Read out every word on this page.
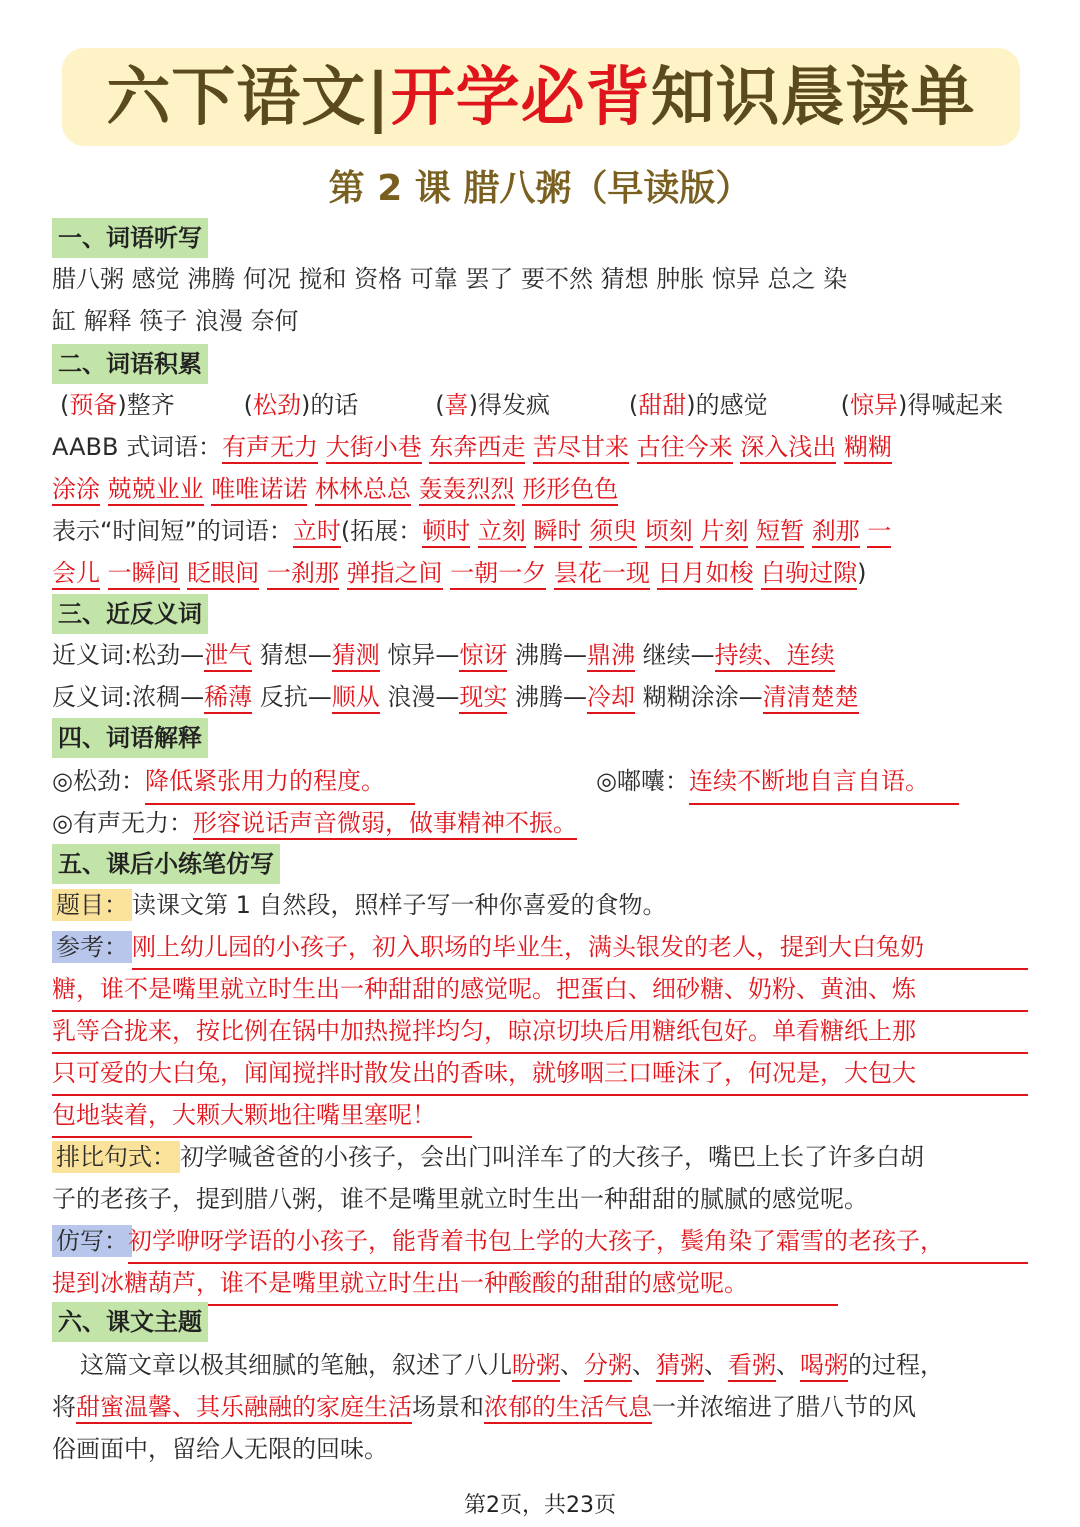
六下语文|开学必背知识晨读单
第 2 课 腊八粥（早读版）
一、词语听写
腊八粥 感觉 沸腾 何况 搅和 资格 可靠 罢了 要不然 猜想 肿胀 惊异 总之 染
缸 解释 筷子 浪漫 奈何
二、词语积累
(预备)整齐	(松劲)的话	(喜)得发疯	(甜甜)的感觉	(惊异)得喊起来
AABB 式词语：有声无力 大街小巷 东奔西走 苦尽甘来 古往今来 深入浅出 糊糊
涂涂 兢兢业业 唯唯诺诺 林林总总 轰轰烈烈 形形色色
表示“时间短”的词语：立时(拓展：顿时 立刻 瞬时 须臾 顷刻 片刻 短暂 刹那 一
会儿 一瞬间 眨眼间 一刹那 弹指之间 一朝一夕 昙花一现 日月如梭 白驹过隙)
三、近反义词
近义词:松劲—泄气 猜想—猜测 惊异—惊讶 沸腾—鼎沸 继续—持续、连续
反义词:浓稠—稀薄 反抗—顺从 浪漫—现实 沸腾—冷却 糊糊涂涂—清清楚楚
四、词语解释
◎松劲：降低紧张用力的程度。	◎嘟囔：连续不断地自言自语。
◎有声无力：形容说话声音微弱，做事精神不振。
五、课后小练笔仿写
题目： 读课文第 1 自然段，照样子写一种你喜爱的食物。
参考： 刚上幼儿园的小孩子，初入职场的毕业生，满头银发的老人，提到大白兔奶
糖，谁不是嘴里就立时生出一种甜甜的感觉呢。把蛋白、细砂糖、奶粉、黄油、炼
乳等合拢来，按比例在锅中加热搅拌均匀，晾凉切块后用糖纸包好。单看糖纸上那
只可爱的大白兔，闻闻搅拌时散发出的香味，就够咽三口唾沫了，何况是，大包大
包地装着，大颗大颗地往嘴里塞呢！
排比句式： 初学喊爸爸的小孩子，会出门叫洋车了的大孩子，嘴巴上长了许多白胡
子的老孩子，提到腊八粥，谁不是嘴里就立时生出一种甜甜的腻腻的感觉呢。
仿写： 初学咿呀学语的小孩子，能背着书包上学的大孩子，鬓角染了霜雪的老孩子，
提到冰糖葫芦，谁不是嘴里就立时生出一种酸酸的甜甜的感觉呢。
六、课文主题
这篇文章以极其细腻的笔触，叙述了八儿盼粥、分粥、猜粥、看粥、喝粥的过程，
将甜蜜温馨、其乐融融的家庭生活场景和浓郁的生活气息一并浓缩进了腊八节的风
俗画面中，留给人无限的回味。
第2页，共23页
